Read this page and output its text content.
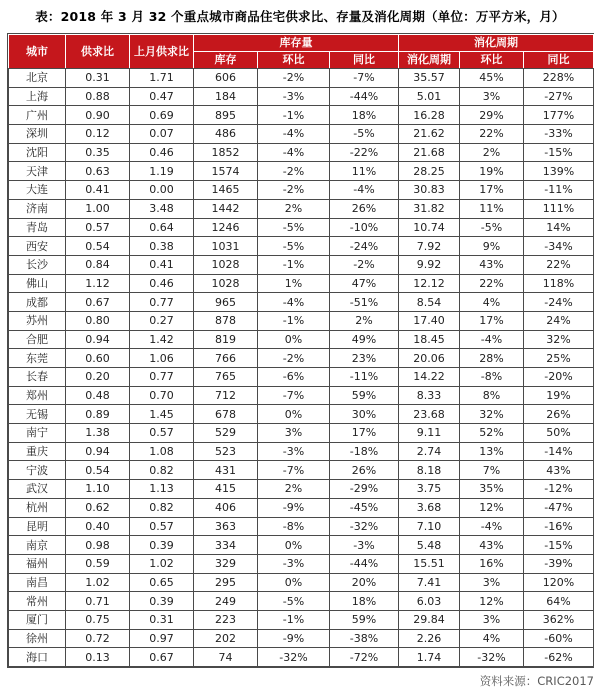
表：2018 年 3 月 32 个重点城市商品住宅供求比、存量及消化周期（单位：万平方米，月）
城市	供求比	上月供求比	库存量			消化周期		
			库存	环比	同比	消化周期	环比	同比
北京	0.31	1.71	606	-2%	-7%	35.57	45%	228%
上海	0.88	0.47	184	-3%	-44%	5.01	3%	-27%
广州	0.90	0.69	895	-1%	18%	16.28	29%	177%
深圳	0.12	0.07	486	-4%	-5%	21.62	22%	-33%
沈阳	0.35	0.46	1852	-4%	-22%	21.68	2%	-15%
天津	0.63	1.19	1574	-2%	11%	28.25	19%	139%
大连	0.41	0.00	1465	-2%	-4%	30.83	17%	-11%
济南	1.00	3.48	1442	2%	26%	31.82	11%	111%
青岛	0.57	0.64	1246	-5%	-10%	10.74	-5%	14%
西安	0.54	0.38	1031	-5%	-24%	7.92	9%	-34%
长沙	0.84	0.41	1028	-1%	-2%	9.92	43%	22%
佛山	1.12	0.46	1028	1%	47%	12.12	22%	118%
成都	0.67	0.77	965	-4%	-51%	8.54	4%	-24%
苏州	0.80	0.27	878	-1%	2%	17.40	17%	24%
合肥	0.94	1.42	819	0%	49%	18.45	-4%	32%
东莞	0.60	1.06	766	-2%	23%	20.06	28%	25%
长春	0.20	0.77	765	-6%	-11%	14.22	-8%	-20%
郑州	0.48	0.70	712	-7%	59%	8.33	8%	19%
无锡	0.89	1.45	678	0%	30%	23.68	32%	26%
南宁	1.38	0.57	529	3%	17%	9.11	52%	50%
重庆	0.94	1.08	523	-3%	-18%	2.74	13%	-14%
宁波	0.54	0.82	431	-7%	26%	8.18	7%	43%
武汉	1.10	1.13	415	2%	-29%	3.75	35%	-12%
杭州	0.62	0.82	406	-9%	-45%	3.68	12%	-47%
昆明	0.40	0.57	363	-8%	-32%	7.10	-4%	-16%
南京	0.98	0.39	334	0%	-3%	5.48	43%	-15%
福州	0.59	1.02	329	-3%	-44%	15.51	16%	-39%
南昌	1.02	0.65	295	0%	20%	7.41	3%	120%
常州	0.71	0.39	249	-5%	18%	6.03	12%	64%
厦门	0.75	0.31	223	-1%	59%	29.84	3%	362%
徐州	0.72	0.97	202	-9%	-38%	2.26	4%	-60%
海口	0.13	0.67	74	-32%	-72%	1.74	-32%	-62%
资料来源：CRIC2017
